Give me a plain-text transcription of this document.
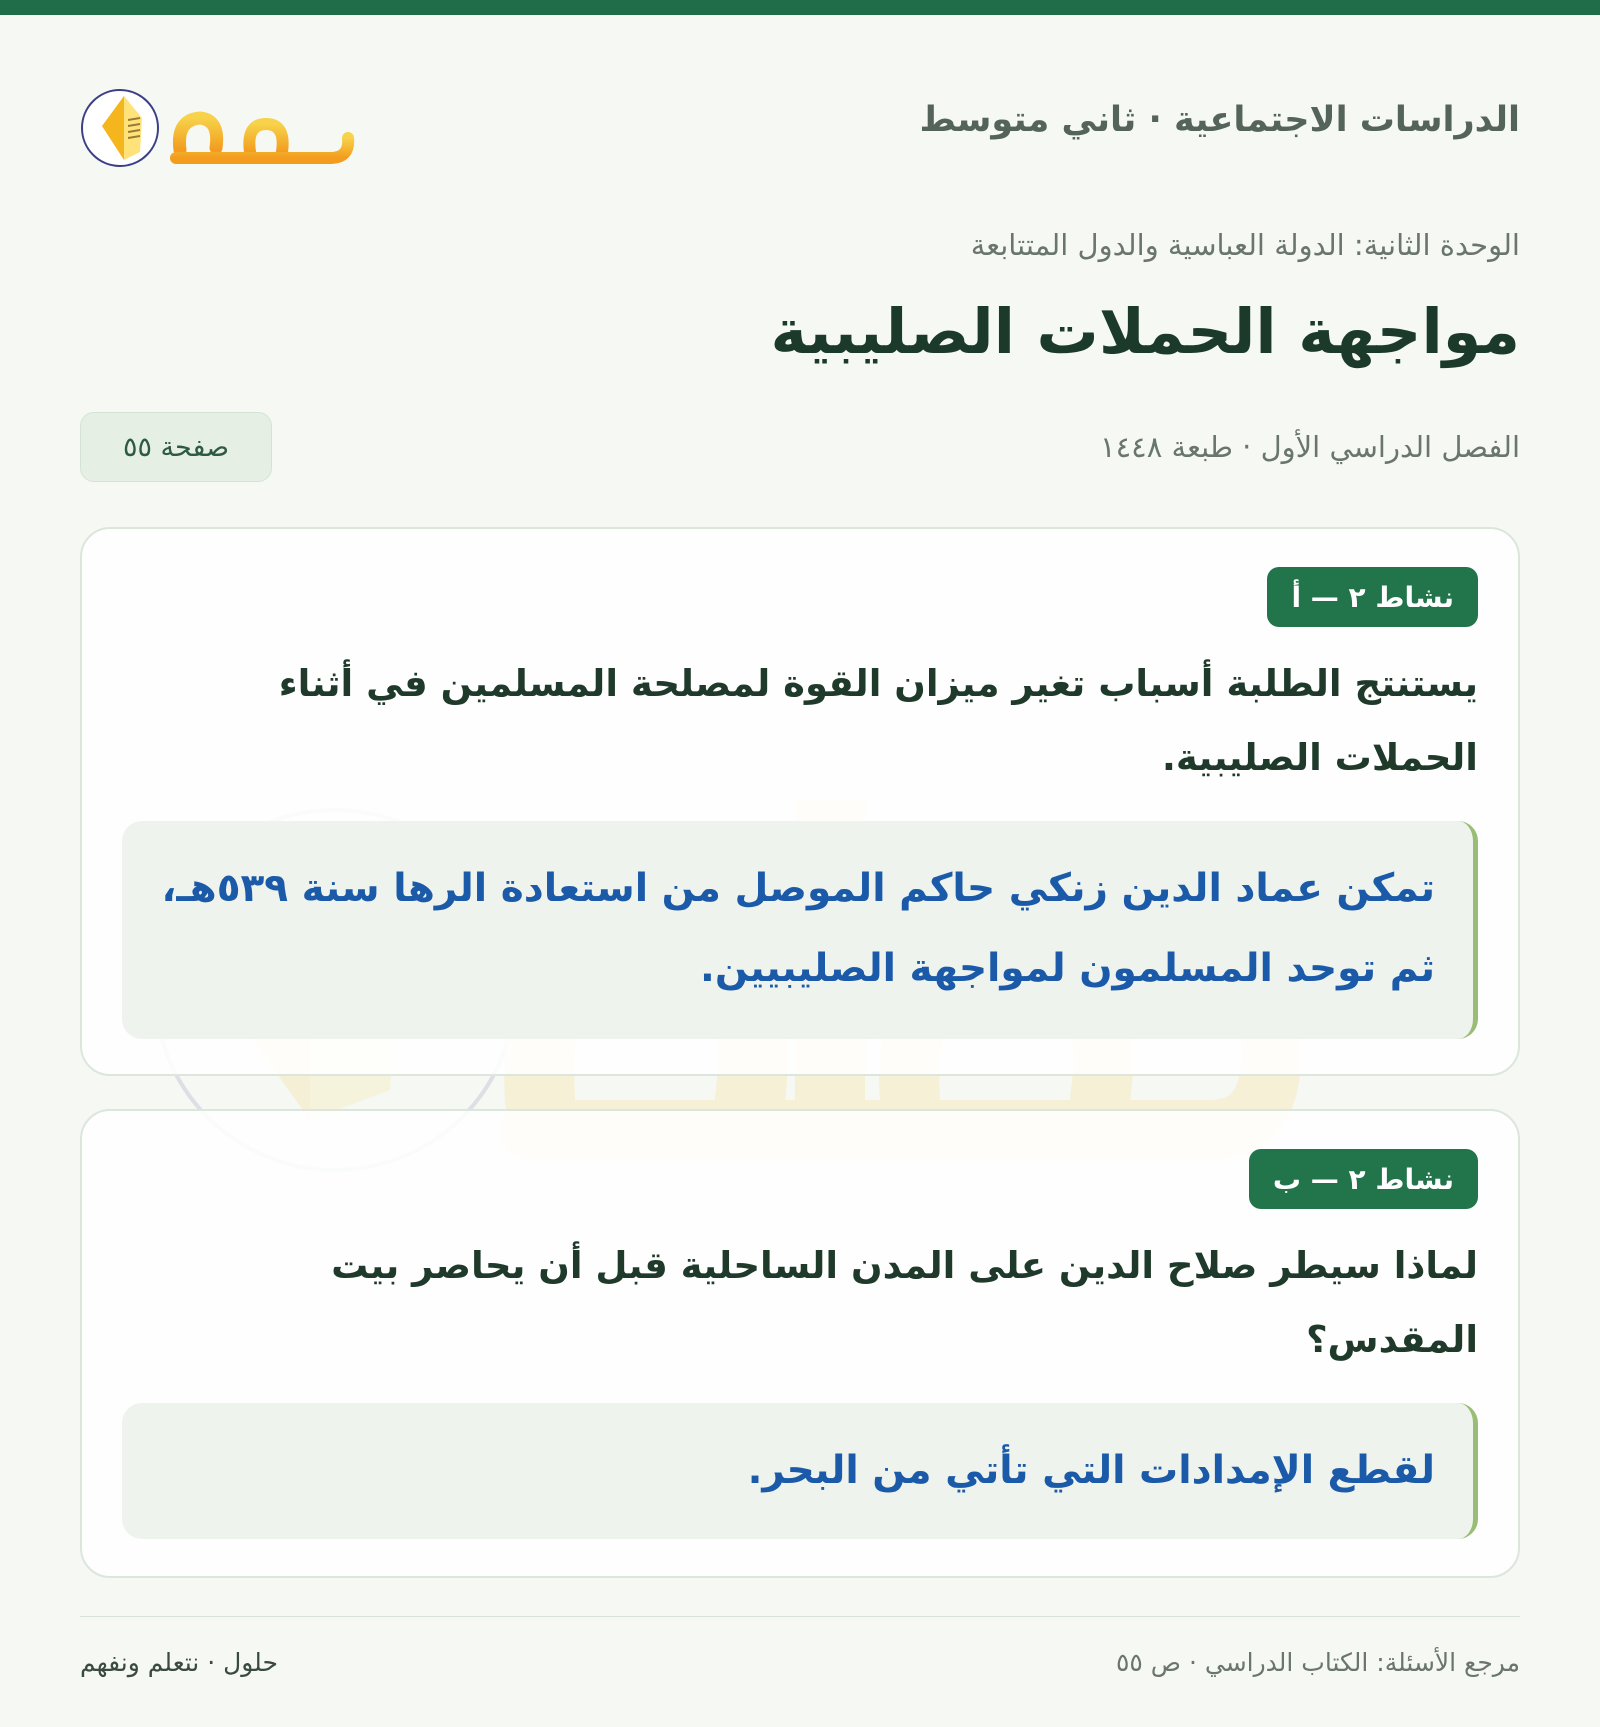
الدراسات الاجتماعية · ثاني متوسط
حلول
الوحدة الثانية: الدولة العباسية والدول المتتابعة
مواجهة الحملات الصليبية
الفصل الدراسي الأول · طبعة ١٤٤٨
صفحة ٥٥
نشاط ٢ — أ
يستنتج الطلبة أسباب تغير ميزان القوة لمصلحة المسلمين في أثناء الحملات الصليبية.
تمكن عماد الدين زنكي حاكم الموصل من استعادة الرها سنة ٥٣٩هـ، ثم توحد المسلمون لمواجهة الصليبيين.
نشاط ٢ — ب
لماذا سيطر صلاح الدين على المدن الساحلية قبل أن يحاصر بيت المقدس؟
لقطع الإمدادات التي تأتي من البحر.
مرجع الأسئلة: الكتاب الدراسي · ص ٥٥
حلول · نتعلم ونفهم
